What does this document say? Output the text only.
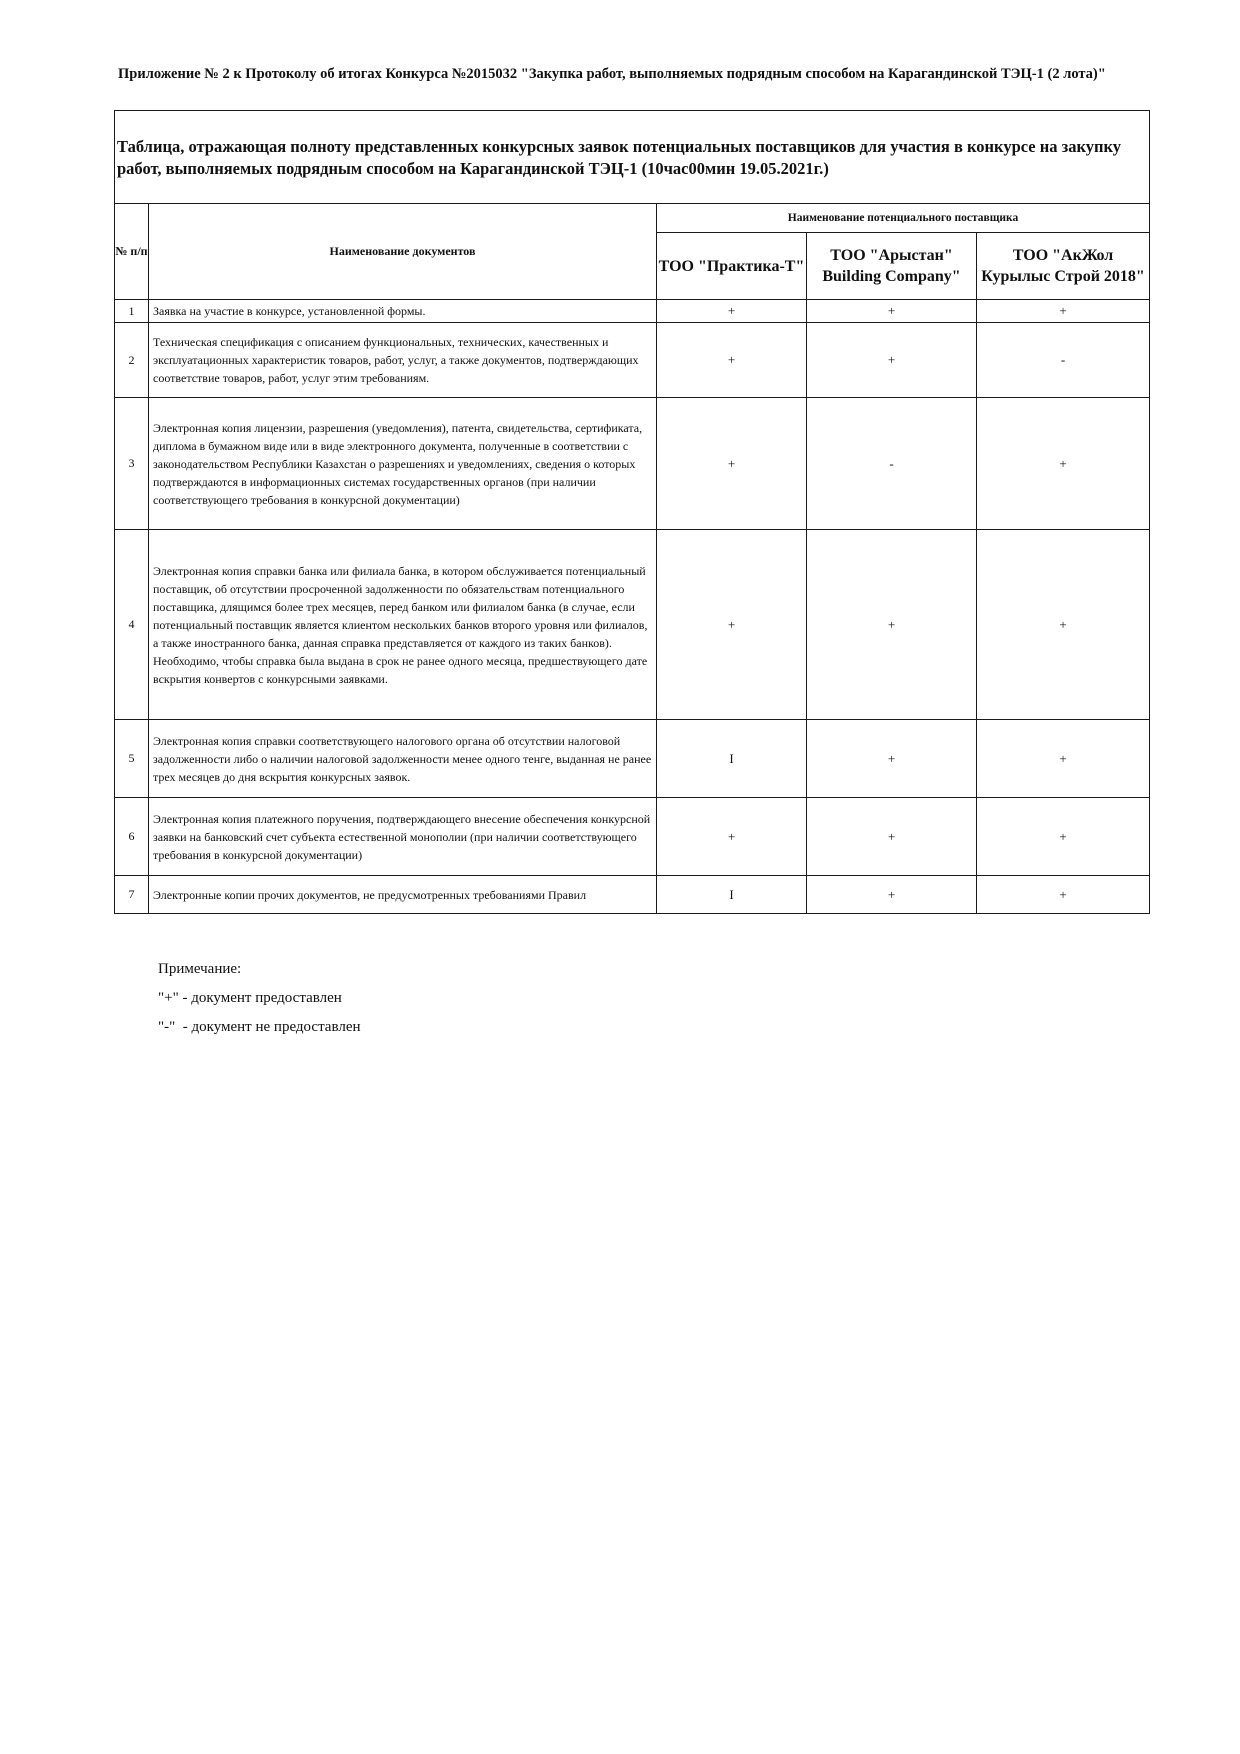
Приложение № 2 к Протоколу об итогах Конкурса №2015032 "Закупка работ, выполняемых подрядным способом на Карагандинской ТЭЦ-1 (2 лота)"
Таблица, отражающая полноту представленных конкурсных заявок потенциальных поставщиков для участия в конкурсе на закупку работ, выполняемых подрядным способом на Карагандинской ТЭЦ-1 (10час00мин 19.05.2021г.)				
№ п/п	Наименование документов	Наименование потенциального поставщика		
		ТОО "Практика-Т"	ТОО "Арыстан" Building Company"	ТОО "АкЖол Курылыс Строй 2018"
1	Заявка на участие в конкурсе, установленной формы.	+	+	+
2	Техническая спецификация с описанием функциональных, технических, качественных и эксплуатационных характеристик товаров, работ, услуг, а также документов, подтверждающих соответствие товаров, работ, услуг этим требованиям.	+	+	-
3	Электронная копия лицензии, разрешения (уведомления), патента, свидетельства, сертификата, диплома в бумажном виде или в виде электронного документа, полученные в соответствии с законодательством Республики Казахстан о разрешениях и уведомлениях, сведения о которых подтверждаются в информационных системах государственных органов (при наличии соответствующего требования в конкурсной документации)	+	-	+
4	Электронная копия справки банка или филиала банка, в котором обслуживается потенциальный поставщик, об отсутствии просроченной задолженности по обязательствам потенциального поставщика, длящимся более трех месяцев, перед банком или филиалом банка (в случае, если потенциальный поставщик является клиентом нескольких банков второго уровня или филиалов, а также иностранного банка, данная справка представляется от каждого из таких банков). Необходимо, чтобы справка была выдана в срок не ранее одного месяца, предшествующего дате вскрытия конвертов с конкурсными заявками.	+	+	+
5	Электронная копия справки соответствующего налогового органа об отсутствии налоговой задолженности либо о наличии налоговой задолженности менее одного тенге, выданная не ранее трех месяцев до дня вскрытия конкурсных заявок.	I	+	+
6	Электронная копия платежного поручения, подтверждающего внесение обеспечения конкурсной заявки на банковский счет субъекта естественной монополии (при наличии соответствующего требования в конкурсной документации)	+	+	+
7	Электронные копии прочих документов, не предусмотренных требованиями Правил	I	+	+
Примечание:
"+" - документ предоставлен
"-"  - документ не предоставлен
